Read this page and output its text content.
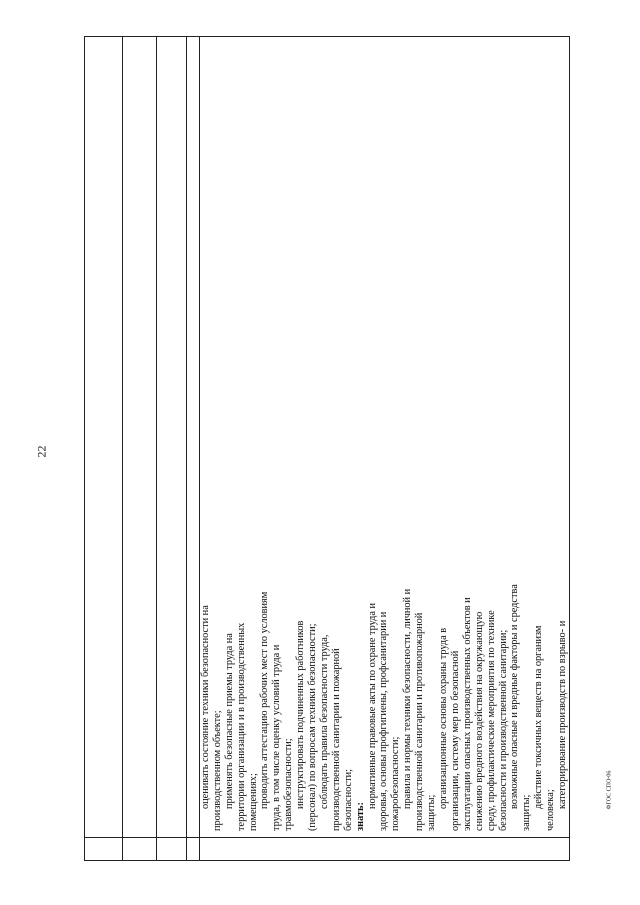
22
оценивать состояние техники безопасности на производственном объекте; применять безопасные приемы труда на территории организации и в производственных помещениях; проводить аттестацию рабочих мест по условиям труда, в том числе оценку условий труда и травмобезопасности; инструктировать подчиненных работников (персонал) по вопросам техники безопасности; соблюдать правила безопасности труда, производственной санитарии и пожарной безопасности; знать:
нормативные правовые акты по охране труда и здоровья, основы профгигиены, профсанитарии и пожаробезопасности; правила и нормы техники безопасности, личной и производственной санитарии и противопожарной защиты;
организационные основы охраны труда в организации, систему мер по безопасной эксплуатации опасных производственных объектов и снижению вредного воздействия на окружающую среду, профилактические мероприятия по технике безопасности и производственной санитарии; возможные опасные и вредные факторы и средства
защиты;
действие токсичных веществ на организм
человека;
категорирование производств по взрыво- и	ФГОС СПО-06
